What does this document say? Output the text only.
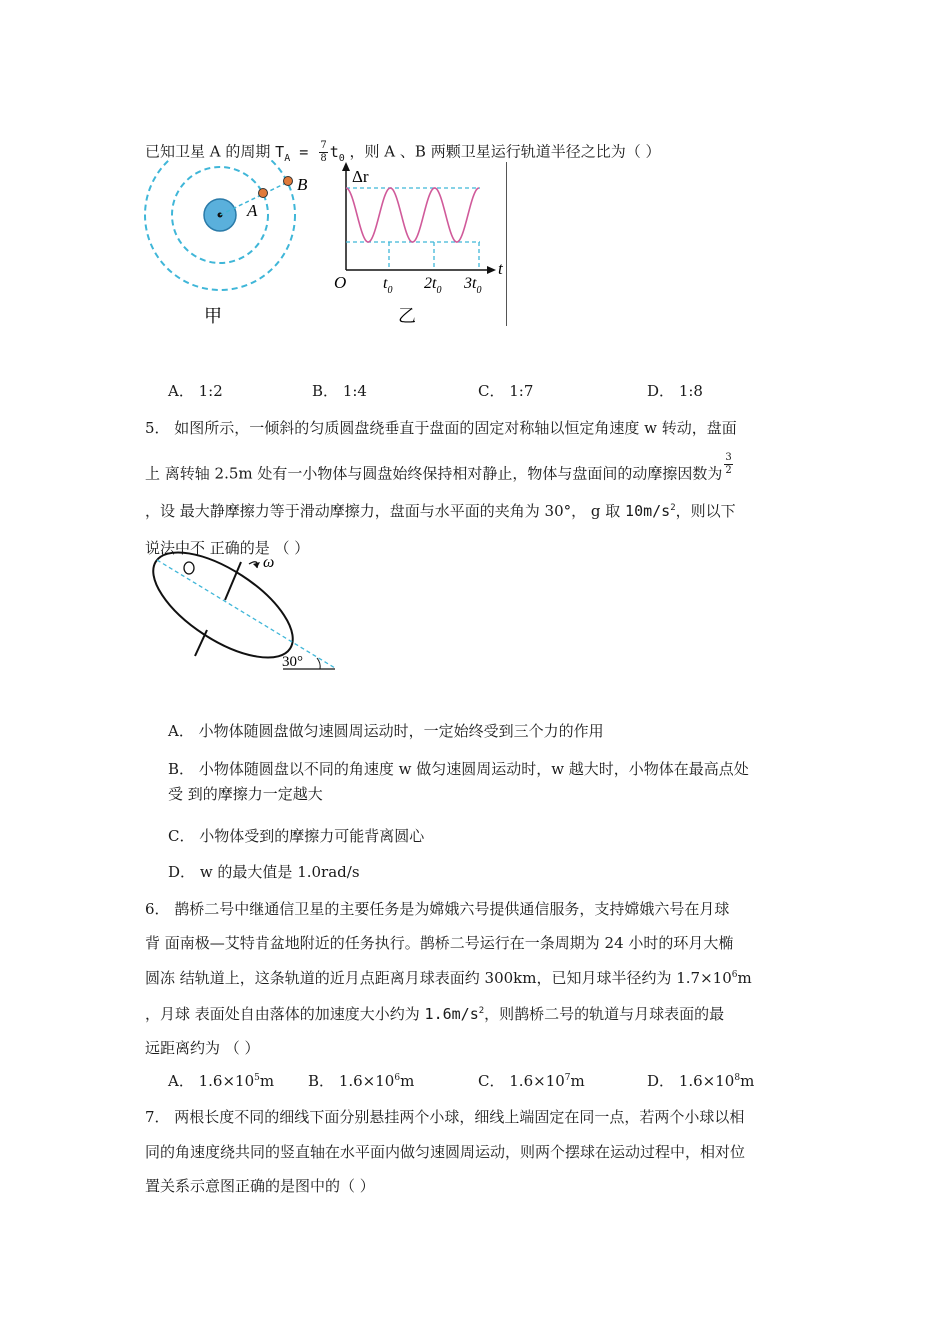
已知卫星 A 的周期 $T_A = \frac{7}{8} t_0$ ，则 A 、B 两颗卫星运行轨道半径之比为（ ）
A
B
甲
Δr
t
O $t_0$ $2t_0$ $3t_0$
乙
A． 1:2	B． 1:4	C． 1:7	D． 1:8
5． 如图所示，一倾斜的匀质圆盘绕垂直于盘面的固定对称轴以恒定角速度 w 转动，盘面
上 离转轴 2.5m 处有一小物体与圆盘始终保持相对静止，物体与盘面间的动摩擦因数为 $\frac{3}{2}$
，设 最大静摩擦力等于滑动摩擦力，盘面与水平面的夹角为 30°， g 取 $10m/s^2$，则以下
说法中不 正确的是 （ ）
ω
30°
A． 小物体随圆盘做匀速圆周运动时，一定始终受到三个力的作用
B． 小物体随圆盘以不同的角速度 w 做匀速圆周运动时，w 越大时，小物体在最高点处
受 到的摩擦力一定越大
C． 小物体受到的摩擦力可能背离圆心
D． w 的最大值是 1.0rad/s
6． 鹊桥二号中继通信卫星的主要任务是为嫦娥六号提供通信服务，支持嫦娥六号在月球
背 面南极—艾特肯盆地附近的任务执行。鹊桥二号运行在一条周期为 24 小时的环月大椭
圆冻 结轨道上，这条轨道的近月点距离月球表面约 300km，已知月球半径约为 $1.7\times 10^6m$
，月球 表面处自由落体的加速度大小约为 $1.6m/s^2$，则鹊桥二号的轨道与月球表面的最
远距离约为 （ ）
A． $1.6\times 10^5m$ B． $1.6\times 10^6m$	C． $1.6\times 10^7m$	D． $1.6\times 10^8m$
7． 两根长度不同的细线下面分别悬挂两个小球，细线上端固定在同一点，若两个小球以相
同的角速度绕共同的竖直轴在水平面内做匀速圆周运动，则两个摆球在运动过程中，相对位
置关系示意图正确的是图中的（ ）
